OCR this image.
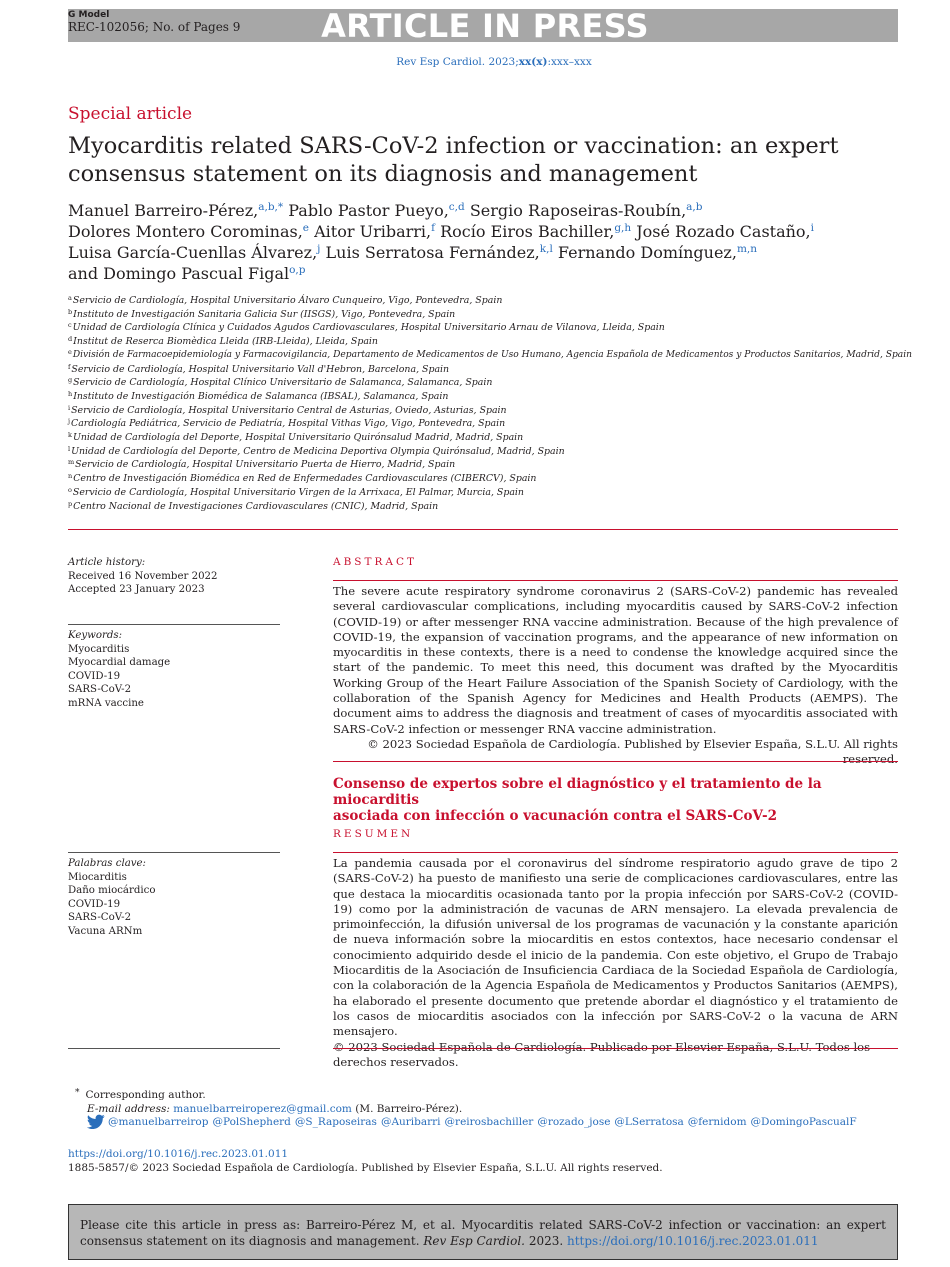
G Model
REC-102056; No. of Pages 9	ARTICLE IN PRESS
Rev Esp Cardiol. 2023;xx(x):xxx–xxx
Special article
Myocarditis related SARS-CoV-2 infection or vaccination: an expert
consensus statement on its diagnosis and management
Manuel Barreiro-Pérez,$^{a,b,*}$ Pablo Pastor Pueyo,$^{c,d}$ Sergio Raposeiras-Roubín,$^{a,b}$
Dolores Montero Corominas,$^e$ Aitor Uribarri,$^f$ Rocío Eiros Bachiller,$^{g,h}$ José Rozado Castaño,$^i$
Luisa García-Cuenllas Álvarez,$^j$ Luis Serratosa Fernández,$^{k,l}$ Fernando Domínguez,$^{m,n}$
and Domingo Pascual Figal$^{o,p}$
$^a$Servicio de Cardiología, Hospital Universitario Álvaro Cunqueiro, Vigo, Pontevedra, Spain
$^b$Instituto de Investigación Sanitaria Galicia Sur (IISGS), Vigo, Pontevedra, Spain
$^c$Unidad de Cardiología Clínica y Cuidados Agudos Cardiovasculares, Hospital Universitario Arnau de Vilanova, Lleida, Spain
$^d$Institut de Reserca Biomèdica Lleida (IRB-Lleida), Lleida, Spain
$^e$División de Farmacoepidemiología y Farmacovigilancia, Departamento de Medicamentos de Uso Humano, Agencia Española de Medicamentos y Productos Sanitarios, Madrid, Spain
$^f$Servicio de Cardiología, Hospital Universitario Vall d'Hebron, Barcelona, Spain
$^g$Servicio de Cardiología, Hospital Clínico Universitario de Salamanca, Salamanca, Spain
$^h$Instituto de Investigación Biomédica de Salamanca (IBSAL), Salamanca, Spain
$^i$Servicio de Cardiología, Hospital Universitario Central de Asturias, Oviedo, Asturias, Spain
$^j$Cardiología Pediátrica, Servicio de Pediatría, Hospital Vithas Vigo, Vigo, Pontevedra, Spain
$^k$Unidad de Cardiología del Deporte, Hospital Universitario Quirónsalud Madrid, Madrid, Spain
$^l$Unidad de Cardiología del Deporte, Centro de Medicina Deportiva Olympia Quirónsalud, Madrid, Spain
$^m$Servicio de Cardiología, Hospital Universitario Puerta de Hierro, Madrid, Spain
$^n$Centro de Investigación Biomédica en Red de Enfermedades Cardiovasculares (CIBERCV), Spain
$^o$Servicio de Cardiología, Hospital Universitario Virgen de la Arrixaca, El Palmar, Murcia, Spain
$^p$Centro Nacional de Investigaciones Cardiovasculares (CNIC), Madrid, Spain
Article history:
Received 16 November 2022
Accepted 23 January 2023
Keywords:
Myocarditis
Myocardial damage
COVID-19
SARS-CoV-2
mRNA vaccine
Palabras clave:
Miocarditis
Daño miocárdico
COVID-19
SARS-CoV-2
Vacuna ARNm
ABSTRACT
The severe acute respiratory syndrome coronavirus 2 (SARS-CoV-2) pandemic has revealed several cardiovascular complications, including myocarditis caused by SARS-CoV-2 infection (COVID-19) or after messenger RNA vaccine administration. Because of the high prevalence of COVID-19, the expansion of vaccination programs, and the appearance of new information on myocarditis in these contexts, there is a need to condense the knowledge acquired since the start of the pandemic. To meet this need, this document was drafted by the Myocarditis Working Group of the Heart Failure Association of the Spanish Society of Cardiology, with the collaboration of the Spanish Agency for Medicines and Health Products (AEMPS). The document aims to address the diagnosis and treatment of cases of myocarditis associated with SARS-CoV-2 infection or messenger RNA vaccine administration.
© 2023 Sociedad Española de Cardiología. Published by Elsevier España, S.L.U. All rights reserved.
Consenso de expertos sobre el diagnóstico y el tratamiento de la miocarditis
asociada con infección o vacunación contra el SARS-CoV-2
RESUMEN
La pandemia causada por el coronavirus del síndrome respiratorio agudo grave de tipo 2 (SARS-CoV-2) ha puesto de manifiesto una serie de complicaciones cardiovasculares, entre las que destaca la miocarditis ocasionada tanto por la propia infección por SARS-CoV-2 (COVID-19) como por la administración de vacunas de ARN mensajero. La elevada prevalencia de primoinfección, la difusión universal de los programas de vacunación y la constante aparición de nueva información sobre la miocarditis en estos contextos, hace necesario condensar el conocimiento adquirido desde el inicio de la pandemia. Con este objetivo, el Grupo de Trabajo Miocarditis de la Asociación de Insuficiencia Cardiaca de la Sociedad Española de Cardiología, con la colaboración de la Agencia Española de Medicamentos y Productos Sanitarios (AEMPS), ha elaborado el presente documento que pretende abordar el diagnóstico y el tratamiento de los casos de miocarditis asociados con la infección por SARS-CoV-2 o la vacuna de ARN mensajero.
© 2023 Sociedad Española de Cardiología. Publicado por Elsevier España, S.L.U. Todos los derechos reservados.
* Corresponding author.
E-mail address: manuelbarreiroperez@gmail.com (M. Barreiro-Pérez).
@manuelbarreirop @PolShepherd @S_Raposeiras @Auribarri @reirosbachiller @rozado_jose @LSerratosa @fernidom @DomingoPascualF
https://doi.org/10.1016/j.rec.2023.01.011
1885-5857/© 2023 Sociedad Española de Cardiología. Published by Elsevier España, S.L.U. All rights reserved.
Please cite this article in press as: Barreiro-Pérez M, et al. Myocarditis related SARS-CoV-2 infection or vaccination: an expert consensus statement on its diagnosis and management. Rev Esp Cardiol. 2023. https://doi.org/10.1016/j.rec.2023.01.011
